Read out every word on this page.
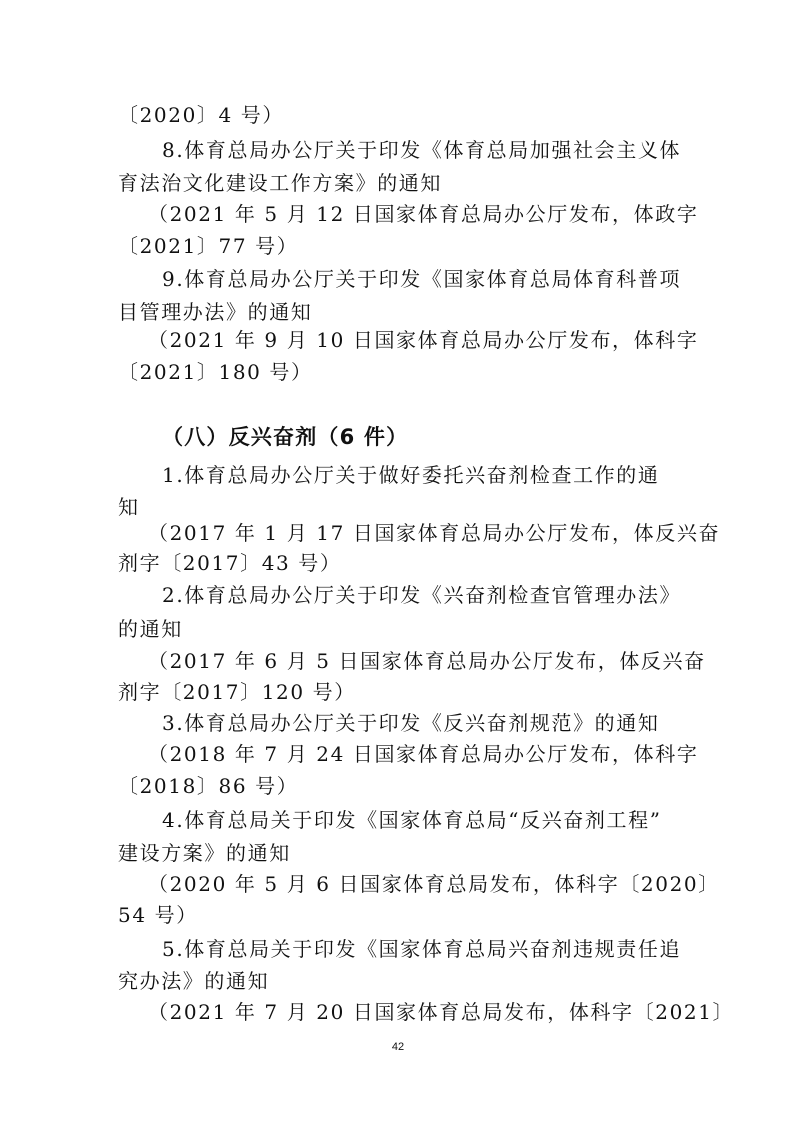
〔2020〕4 号）
8.体育总局办公厅关于印发《体育总局加强社会主义体
育法治文化建设工作方案》的通知
（2021 年 5 月 12 日国家体育总局办公厅发布，体政字
〔2021〕77 号）
9.体育总局办公厅关于印发《国家体育总局体育科普项
目管理办法》的通知
（2021 年 9 月 10 日国家体育总局办公厅发布，体科字
〔2021〕180 号）
（八）反兴奋剂（6 件）
1.体育总局办公厅关于做好委托兴奋剂检查工作的通
知
（2017 年 1 月 17 日国家体育总局办公厅发布，体反兴奋
剂字〔2017〕43 号）
2.体育总局办公厅关于印发《兴奋剂检查官管理办法》
的通知
（2017 年 6 月 5 日国家体育总局办公厅发布，体反兴奋
剂字〔2017〕120 号）
3.体育总局办公厅关于印发《反兴奋剂规范》的通知
（2018 年 7 月 24 日国家体育总局办公厅发布，体科字
〔2018〕86 号）
4.体育总局关于印发《国家体育总局“反兴奋剂工程”
建设方案》的通知
（2020 年 5 月 6 日国家体育总局发布，体科字〔2020〕
54 号）
5.体育总局关于印发《国家体育总局兴奋剂违规责任追
究办法》的通知
（2021 年 7 月 20 日国家体育总局发布，体科字〔2021〕
42
